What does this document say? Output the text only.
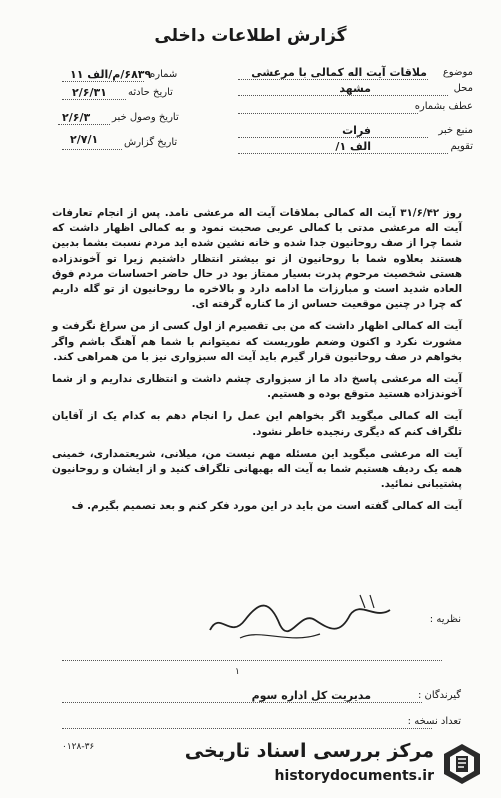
گزارش اطلاعات داخلی
شماره
۶۸۳۹/م/الف ۱۱
تاریخ حادثه
۲/۶/۳۱
تاریخ وصول خبر
۲/۶/۳
تاریخ گزارش
۲/۷/۱
موضوع
ملاقات آیت اله کمالی با مرعشی
محل
مشهد
عطف بشماره
منبع خبر
فرات
تقویم
الف ۱/

روز ۳۱/۶/۴۲ آیت اله کمالی بملاقات آیت اله مرعشی نامد. پس از انجام تعارفات آیت اله مرعشی مدتی با کمالی عربی صحبت نمود و به کمالی اظهار داشت که شما چرا از صف روحانیون جدا شده و خانه نشین شده اید مردم نسبت بشما بدبین هستند بعلاوه شما با روحانیون از تو بیشتر انتظار داشتیم زیرا تو آخوندزاده هستی شخصیت مرحوم پدرت بسیار ممتاز بود در حال حاضر احساسات مردم فوق العاده شدید است و مبارزات ما ادامه دارد و بالاخره ما روحانیون از تو گله داریم که چرا در چنین موقعیت حساس از ما کناره گرفته ای.

آیت اله کمالی اظهار داشت که من بی تقصیرم از اول کسی از من سراغ نگرفت و مشورت نکرد و اکنون وضعم طوریست که نمیتوانم با شما هم آهنگ باشم واگر بخواهم در صف روحانیون قرار گیرم باید آیت اله سبزواری نیز با من همراهی کند.

آیت اله مرعشی پاسخ داد ما از سبزواری چشم داشت و انتظاری نداریم و از شما آخوندزاده هستید متوقع بوده و هستیم.

آیت اله کمالی میگوید اگر بخواهم این عمل را انجام دهم به کدام یک از آقایان تلگراف کنم که دیگری رنجیده خاطر نشود.

آیت اله مرعشی میگوید این مسئله مهم نیست من، میلانی، شریعتمداری، خمینی همه یک ردیف هستیم شما به آیت اله بهبهانی تلگراف کنید و از ایشان و روحانیون پشتیبانی نمائید.

آیت اله کمالی گفته است من باید در این مورد فکر کنم و بعد تصمیم بگیرم. ف

نظریه :
۱
گیرندگان :
مدیریت کل اداره سوم
تعداد نسخه :
۰۱۲۸-۳۶	مرکز بررسی اسناد تاریخی
historydocuments.ir
